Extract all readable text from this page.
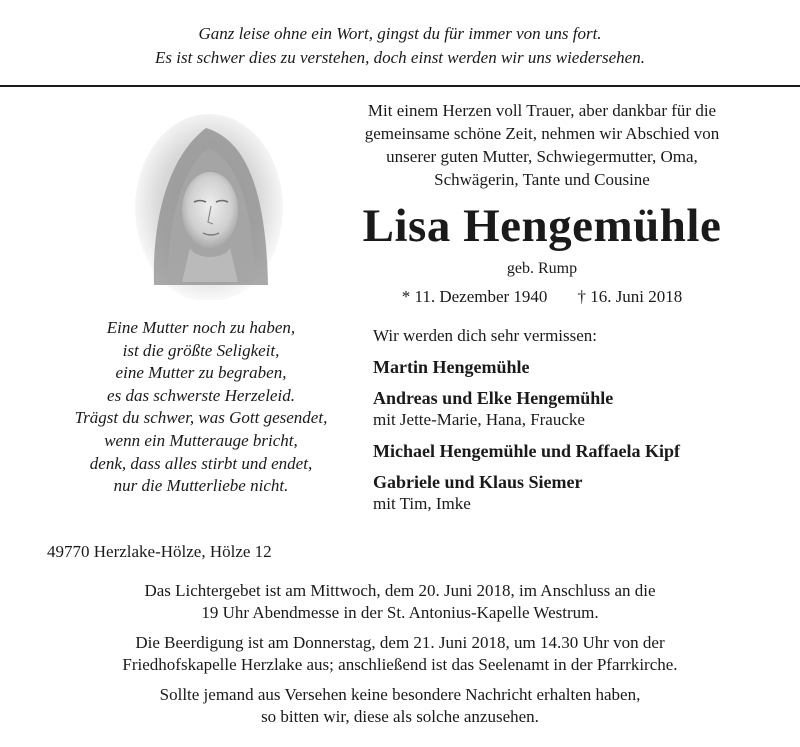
Ganz leise ohne ein Wort, gingst du für immer von uns fort.
Es ist schwer dies zu verstehen, doch einst werden wir uns wiedersehen.
Mit einem Herzen voll Trauer, aber dankbar für die
gemeinsame schöne Zeit, nehmen wir Abschied von
unserer guten Mutter, Schwiegermutter, Oma,
Schwägerin, Tante und Cousine
Lisa Hengemühle
geb. Rump
* 11. Dezember 1940 † 16. Juni 2018
Eine Mutter noch zu haben,
ist die größte Seligkeit,
eine Mutter zu begraben,
es das schwerste Herzeleid.
Trägst du schwer, was Gott gesendet,
wenn ein Mutterauge bricht,
denk, dass alles stirbt und endet,
nur die Mutterliebe nicht.
Wir werden dich sehr vermissen:
Martin Hengemühle
Andreas und Elke Hengemühle
mit Jette-Marie, Hana, Fraucke
Michael Hengemühle und Raffaela Kipf
Gabriele und Klaus Siemer
mit Tim, Imke
49770 Herzlake-Hölze, Hölze 12

Das Lichtergebet ist am Mittwoch, dem 20. Juni 2018, im Anschluss an die
19 Uhr Abendmesse in der St. Antonius-Kapelle Westrum.

Die Beerdigung ist am Donnerstag, dem 21. Juni 2018, um 14.30 Uhr von der
Friedhofskapelle Herzlake aus; anschließend ist das Seelenamt in der Pfarrkirche.

Sollte jemand aus Versehen keine besondere Nachricht erhalten haben,
so bitten wir, diese als solche anzusehen.
